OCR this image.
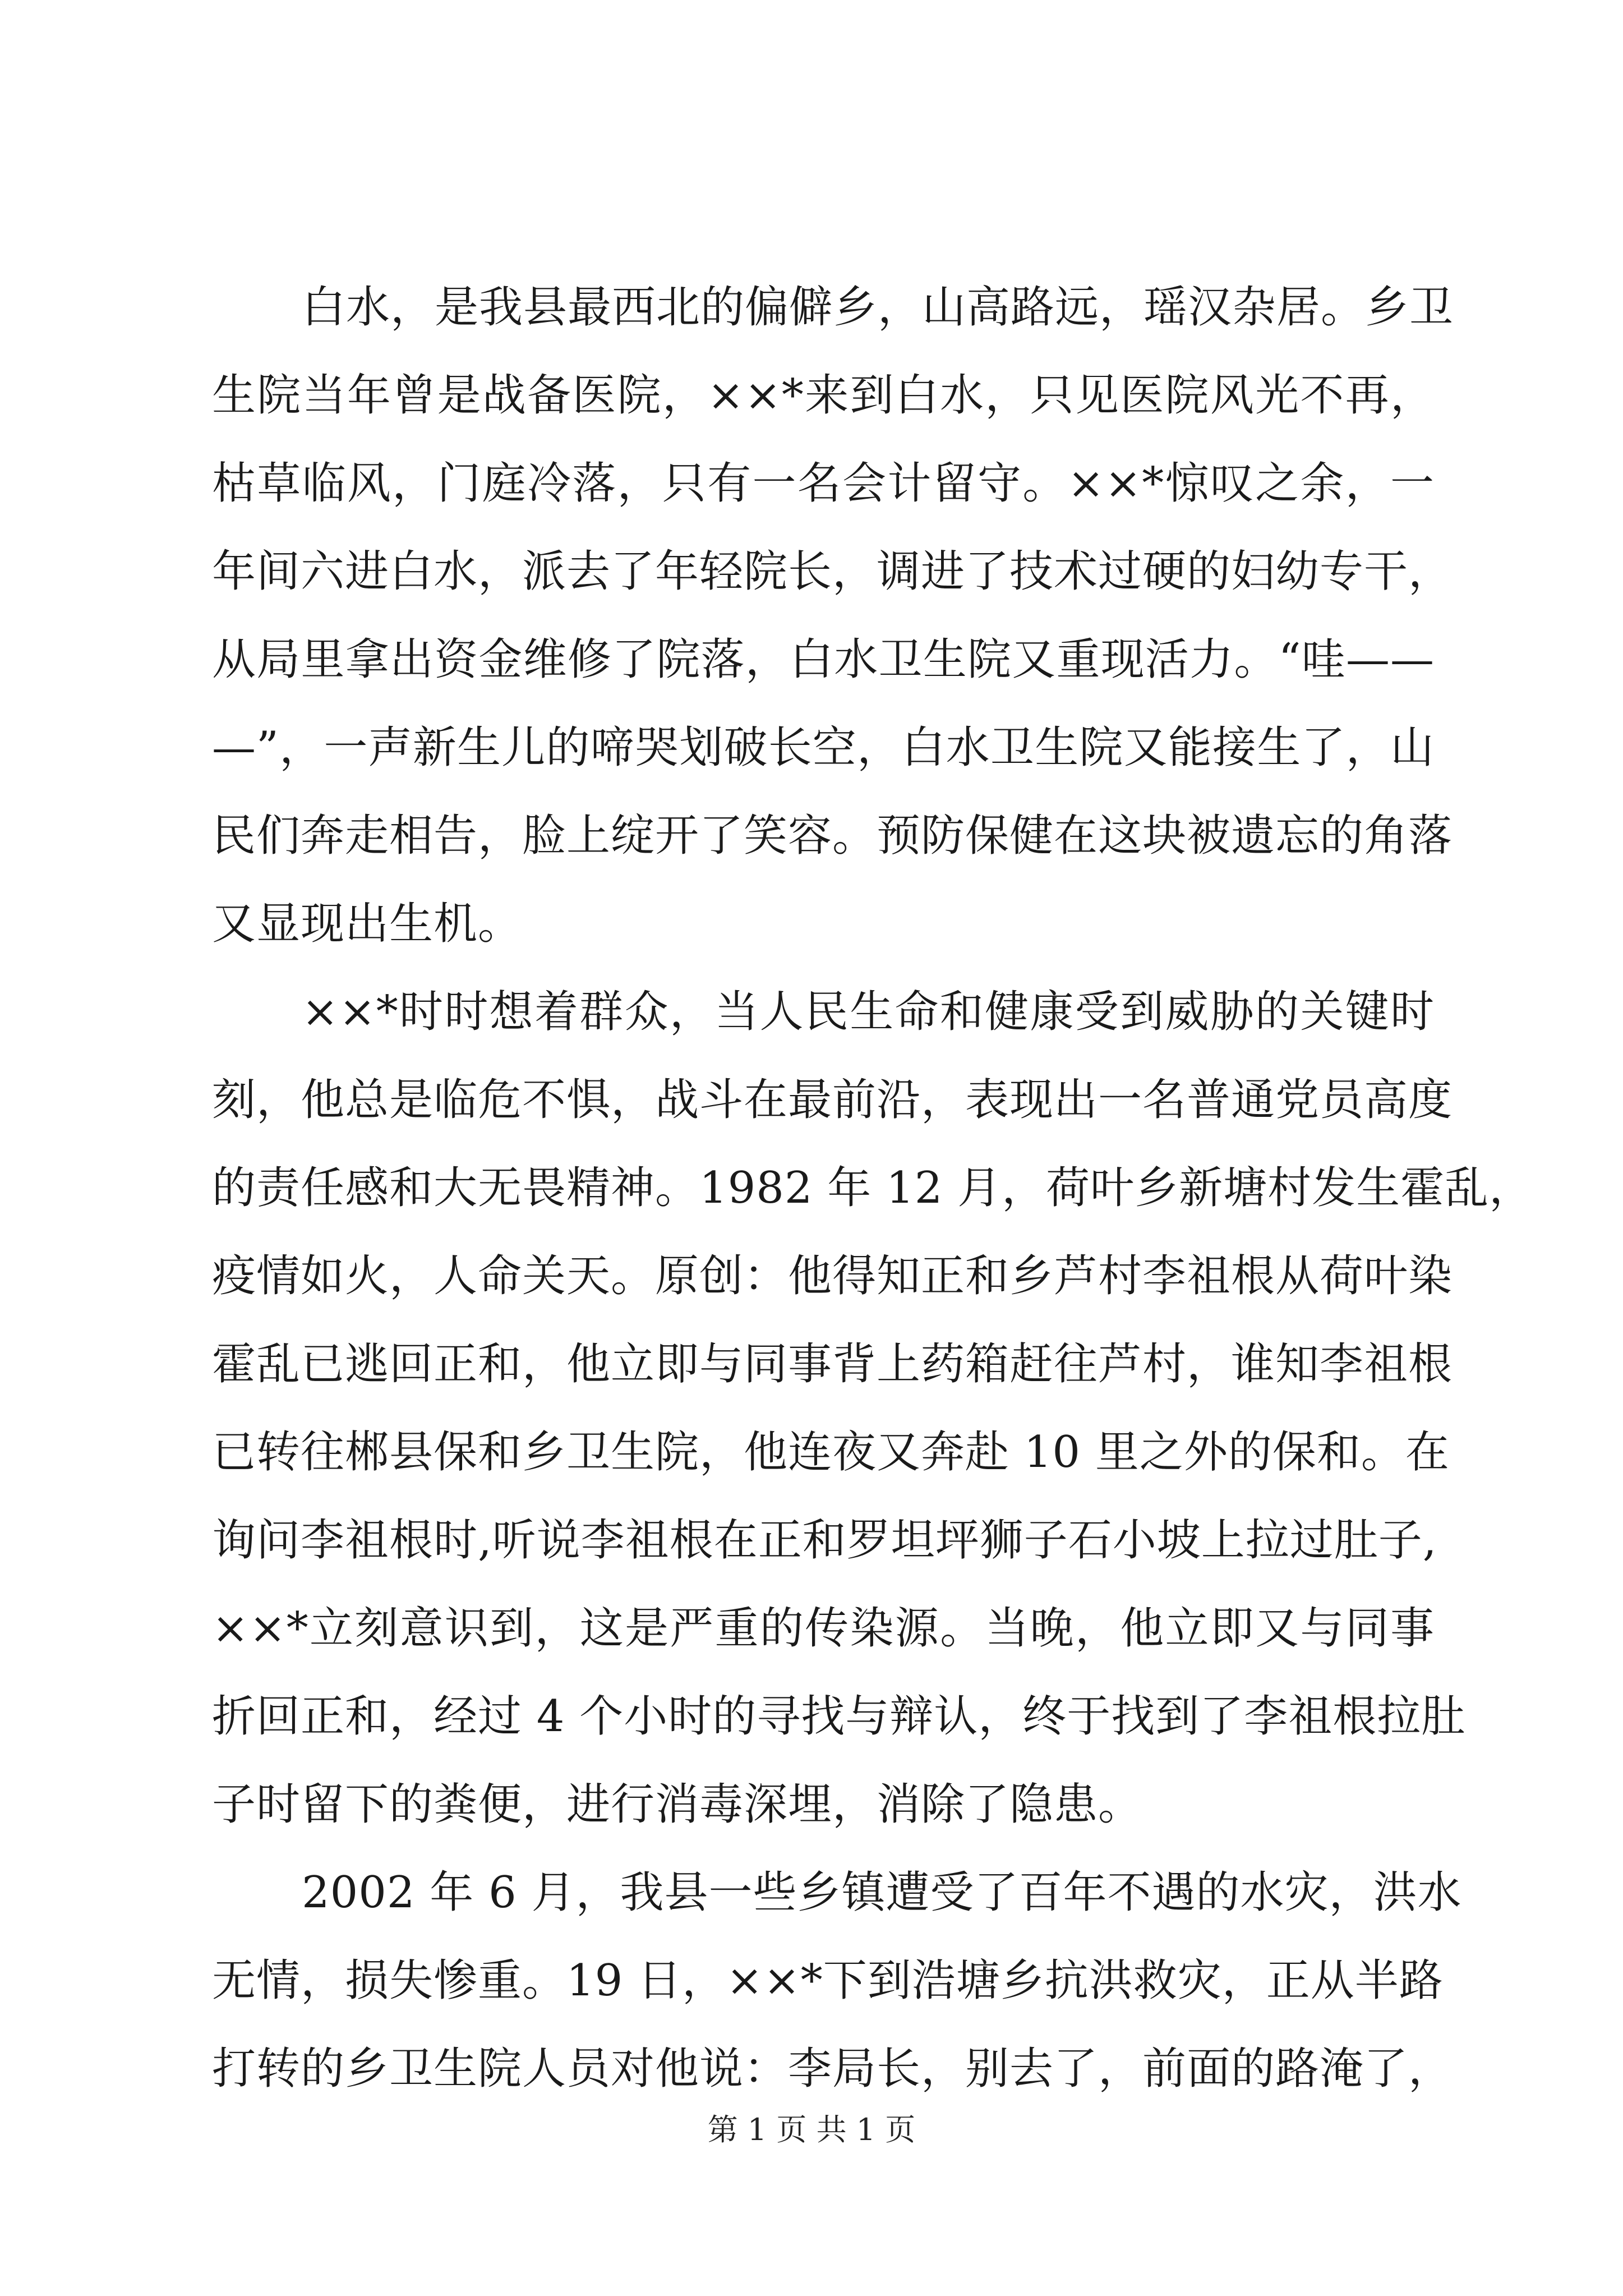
白水，是我县最西北的偏僻乡，山高路远，瑶汉杂居。乡卫
生院当年曾是战备医院，××*来到白水，只见医院风光不再，
枯草临风，门庭冷落，只有一名会计留守。××*惊叹之余，一
年间六进白水，派去了年轻院长，调进了技术过硬的妇幼专干，
从局里拿出资金维修了院落，白水卫生院又重现活力。“哇——
—”，一声新生儿的啼哭划破长空，白水卫生院又能接生了，山
民们奔走相告，脸上绽开了笑容。预防保健在这块被遗忘的角落
又显现出生机。
××*时时想着群众，当人民生命和健康受到威胁的关键时
刻，他总是临危不惧，战斗在最前沿，表现出一名普通党员高度
的责任感和大无畏精神。1982 年 12 月，荷叶乡新塘村发生霍乱，
疫情如火，人命关天。原创：他得知正和乡芦村李祖根从荷叶染
霍乱已逃回正和，他立即与同事背上药箱赶往芦村，谁知李祖根
已转往郴县保和乡卫生院，他连夜又奔赴 10 里之外的保和。在
询问李祖根时,听说李祖根在正和罗坦坪狮子石小坡上拉过肚子,
××*立刻意识到，这是严重的传染源。当晚，他立即又与同事
折回正和，经过 4 个小时的寻找与辩认，终于找到了李祖根拉肚
子时留下的粪便，进行消毒深埋，消除了隐患。
2002 年 6 月，我县一些乡镇遭受了百年不遇的水灾，洪水
无情，损失惨重。19 日，××*下到浩塘乡抗洪救灾，正从半路
打转的乡卫生院人员对他说：李局长，别去了，前面的路淹了，
第 1 页 共 1 页
